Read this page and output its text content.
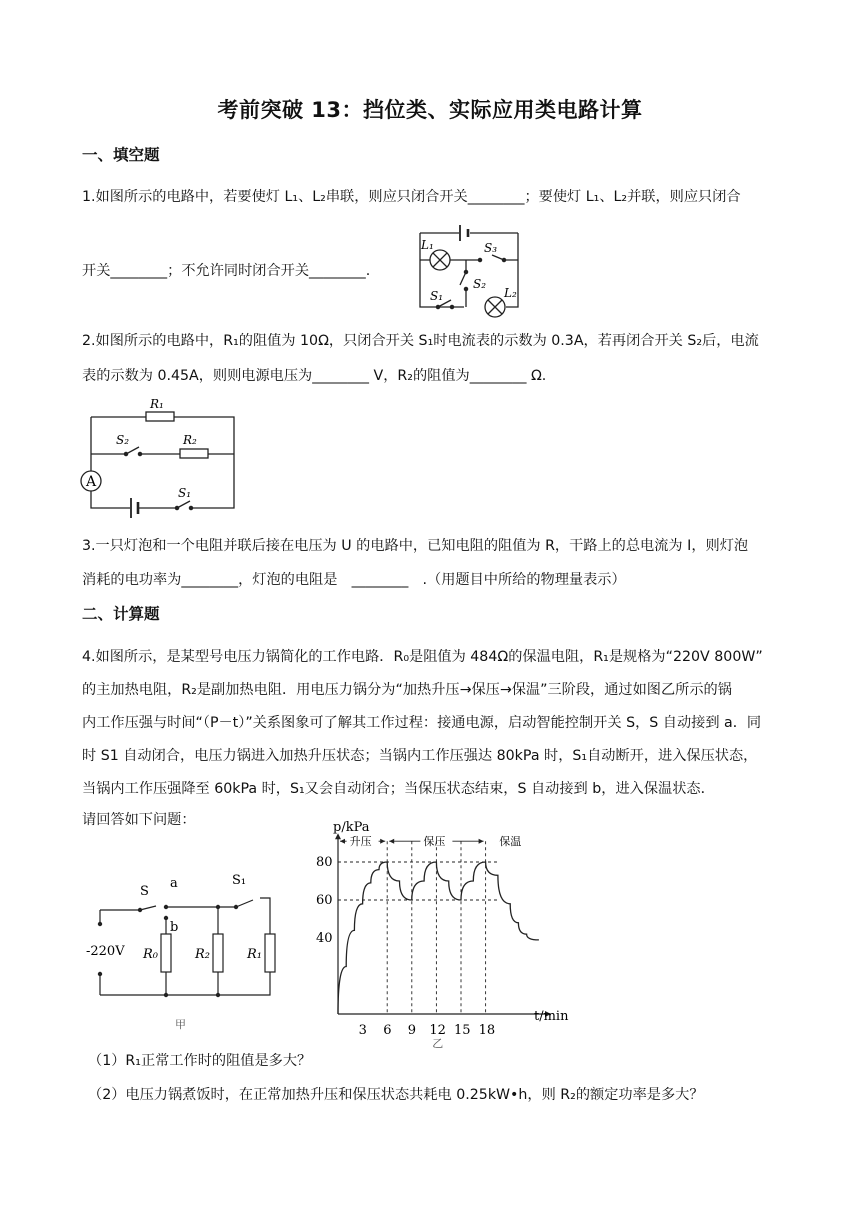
考前突破 13：挡位类、实际应用类电路计算
一、填空题
1.如图所示的电路中，若要使灯 L₁、L₂串联，则应只闭合开关________；要使灯 L₁、L₂并联，则应只闭合
开关________；不允许同时闭合开关________.
L₁	S₃
S₂
S₁	L₂
2.如图所示的电路中，R₁的阻值为 10Ω，只闭合开关 S₁时电流表的示数为 0.3A，若再闭合开关 S₂后，电流
表的示数为 0.45A，则则电源电压为________ V，R₂的阻值为________ Ω.
A
R₁
S₂	R₂
S₁
3.一只灯泡和一个电阻并联后接在电压为 U 的电路中，已知电阻的阻值为 R，干路上的总电流为 I，则灯泡
消耗的电功率为________，灯泡的电阻是　________　.（用题目中所给的物理量表示）
二、计算题
4.如图所示，是某型号电压力锅简化的工作电路．R₀是阻值为 484Ω的保温电阻，R₁是规格为“220V 800W”
的主加热电阻，R₂是副加热电阻．用电压力锅分为“加热升压→保压→保温”三阶段，通过如图乙所示的锅
内工作压强与时间“（P－t）”关系图象可了解其工作过程：接通电源，启动智能控制开关 S，S 自动接到 a．同
时 S1 自动闭合，电压力锅进入加热升压状态；当锅内工作压强达 80kPa 时，S₁自动断开，进入保压状态，
当锅内工作压强降至 60kPa 时，S₁又会自动闭合；当保压状态结束，S 自动接到 b，进入保温状态．
请回答如下问题：
S
a
b
S₁
-220V R₀	R₂	R₁
甲
p/kPa
t/min
40
60
80
3 6 9 12 15 18
升压	保压	保温
乙
（1）R₁正常工作时的阻值是多大？
（2）电压力锅煮饭时，在正常加热升压和保压状态共耗电 0.25kW•h，则 R₂的额定功率是多大？
